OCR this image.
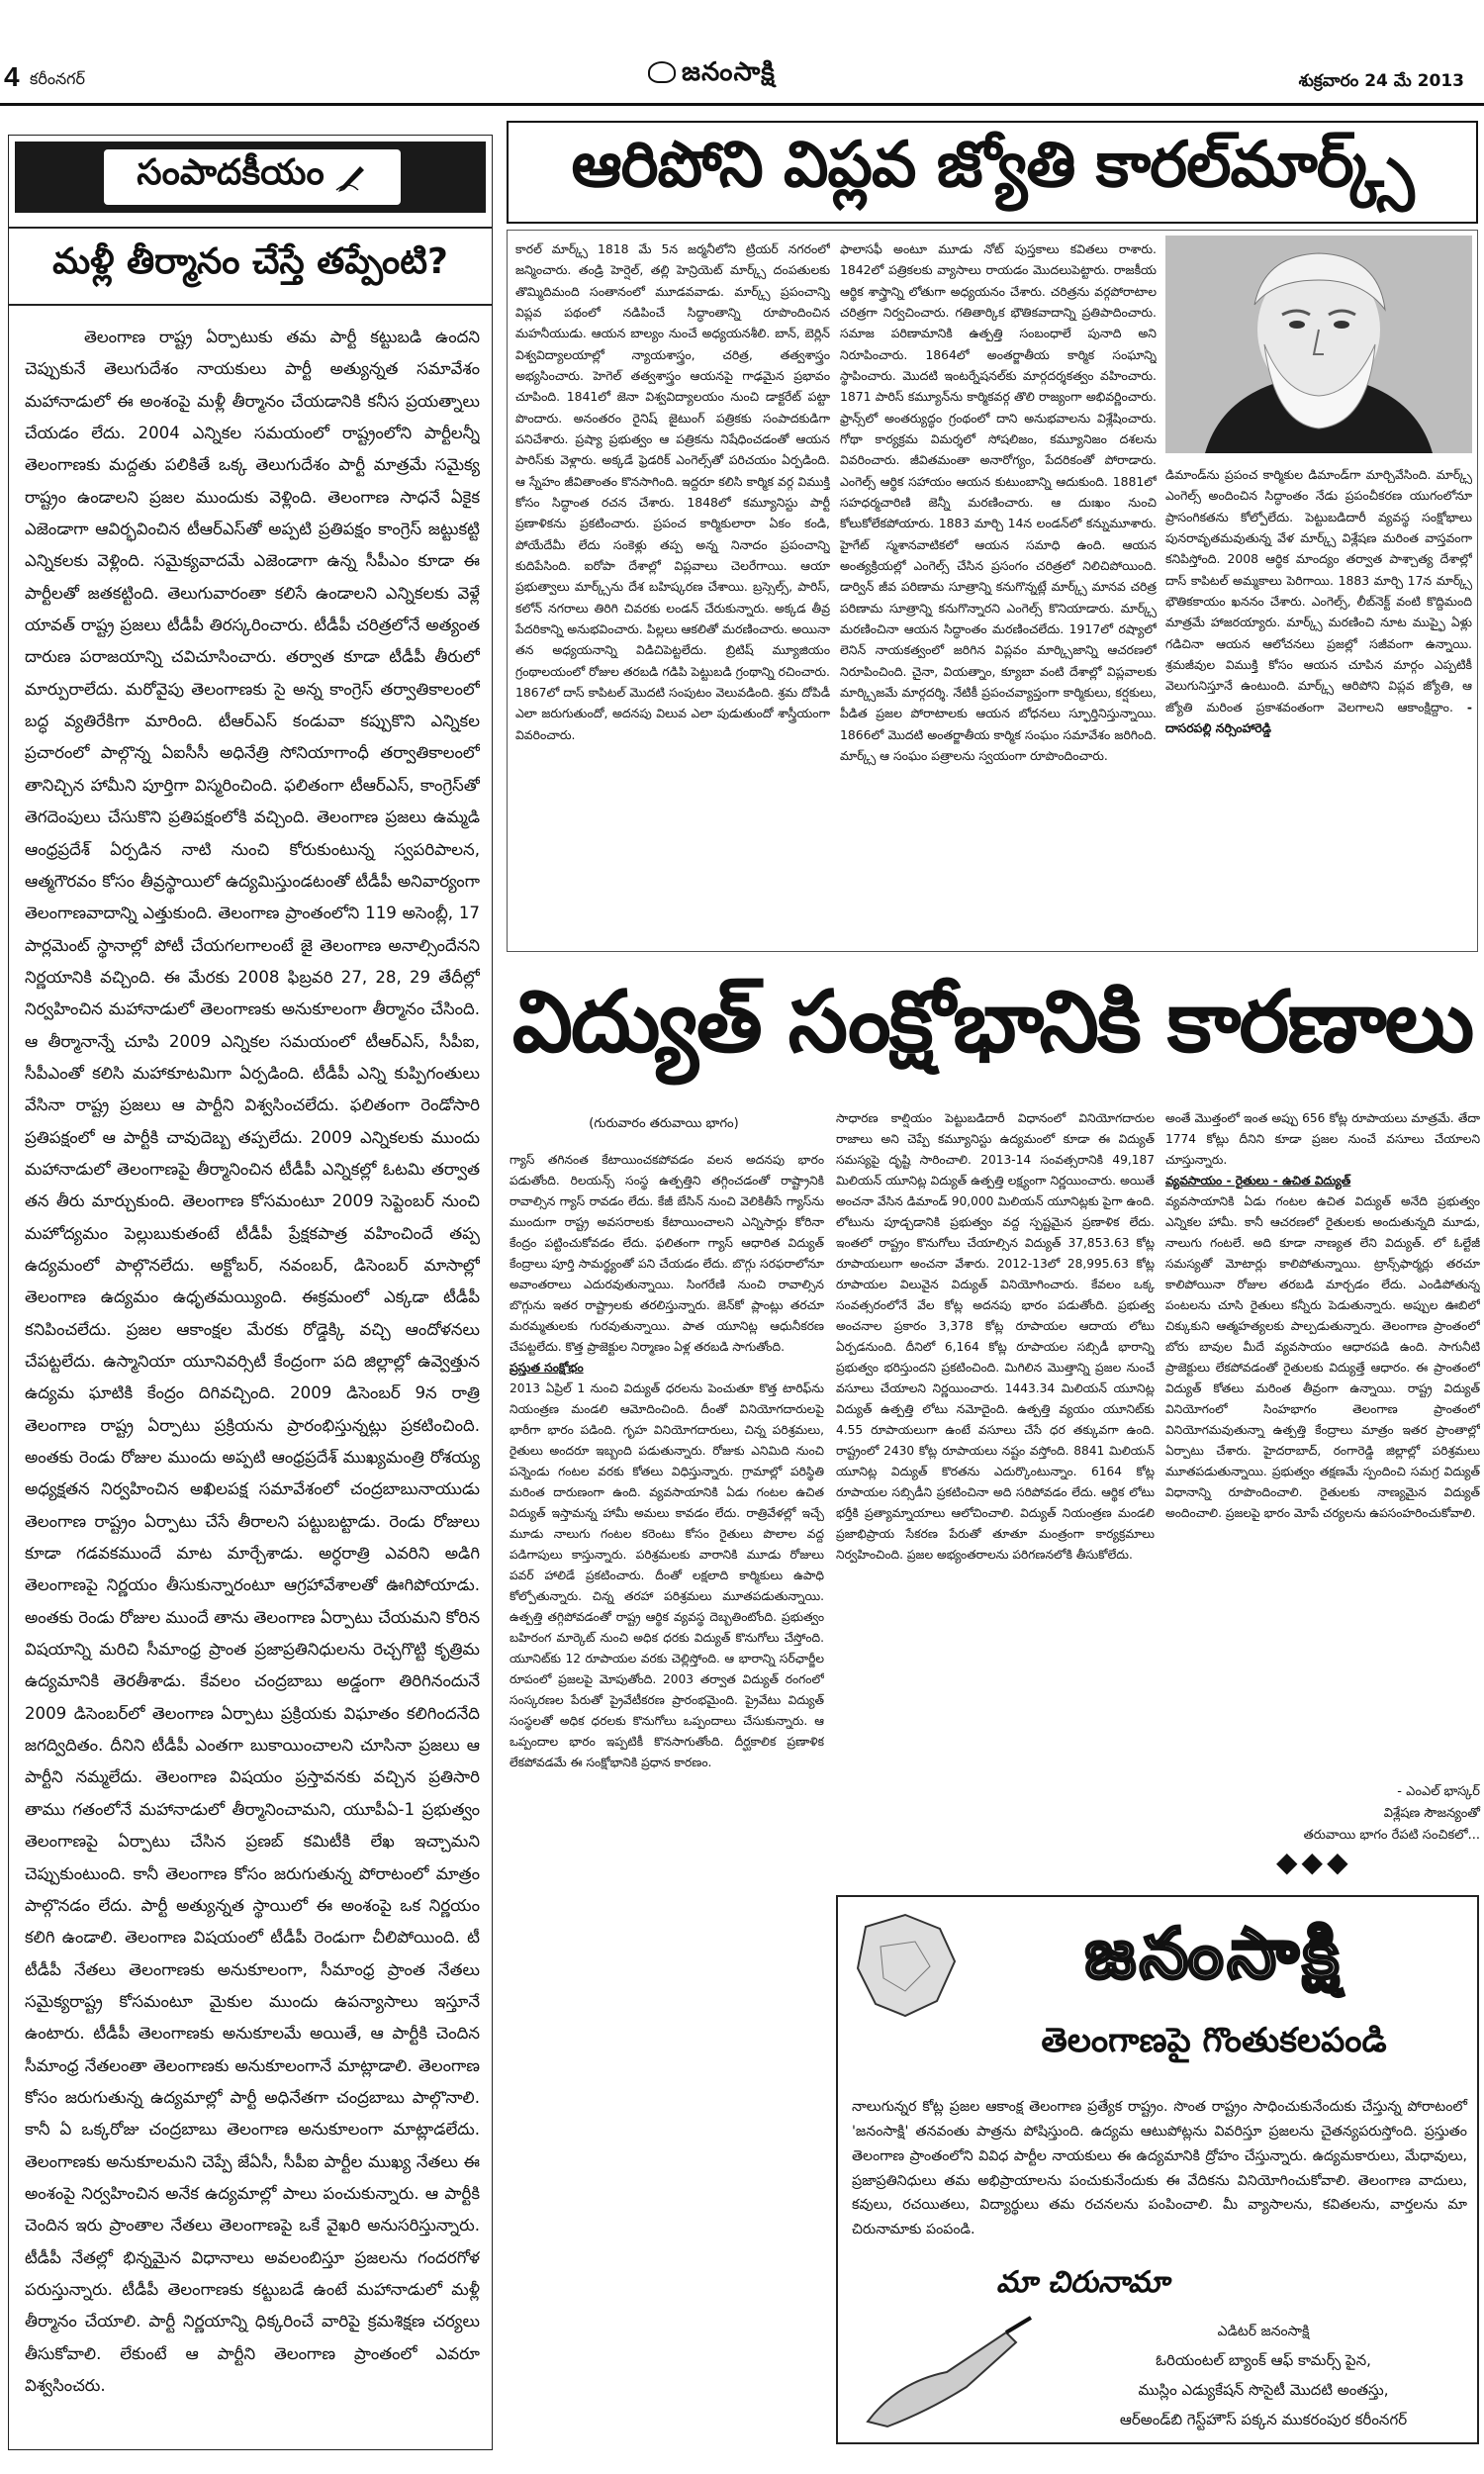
4 కరీంనగర్	జనంసాక్షి	శుక్రవారం 24 మే 2013
సంపాదకీయం
మళ్లీ తీర్మానం చేస్తే తప్పేంటి?

తెలంగాణ రాష్ట్ర ఏర్పాటుకు తమ పార్టీ కట్టుబడి ఉందని చెప్పుకునే తెలుగుదేశం నాయకులు పార్టీ అత్యున్నత సమావేశం మహానాడులో ఈ అంశంపై మళ్లీ తీర్మానం చేయడానికి కనీస ప్రయత్నాలు చేయడం లేదు. 2004 ఎన్నికల సమయంలో రాష్ట్రంలోని పార్టీలన్నీ తెలంగాణకు మద్దతు పలికితే ఒక్క తెలుగుదేశం పార్టీ మాత్రమే సమైక్య రాష్ట్రం ఉండాలని ప్రజల ముందుకు వెళ్లింది. తెలంగాణ సాధనే ఏకైక ఎజెండాగా ఆవిర్భవించిన టీఆర్‌ఎస్‌తో అప్పటి ప్రతిపక్షం కాంగ్రెస్ జట్టుకట్టి ఎన్నికలకు వెళ్లింది. సమైక్యవాదమే ఎజెండాగా ఉన్న సీపీఎం కూడా ఈ పార్టీలతో జతకట్టింది. తెలుగువారంతా కలిసే ఉండాలని ఎన్నికలకు వెళ్లే యావత్ రాష్ట్ర ప్రజలు టీడీపీ తిరస్కరించారు. టీడీపీ చరిత్రలోనే అత్యంత దారుణ పరాజయాన్ని చవిచూసించారు. తర్వాత కూడా టీడీపీ తీరులో మార్పురాలేదు. మరోవైపు తెలంగాణకు సై అన్న కాంగ్రెస్ తర్వాతికాలంలో బద్ధ వ్యతిరేకిగా మారింది. టీఆర్‌ఎస్ కండువా కప్పుకొని ఎన్నికల ప్రచారంలో పాల్గొన్న ఏఐసీసీ అధినేత్రి సోనియాగాంధీ తర్వాతికాలంలో తానిచ్చిన హామీని పూర్తిగా విస్మరించింది. ఫలితంగా టీఆర్‌ఎస్, కాంగ్రెస్‌తో తెగదెంపులు చేసుకొని ప్రతిపక్షంలోకి వచ్చింది. తెలంగాణ ప్రజలు ఉమ్మడి ఆంధ్రప్రదేశ్ ఏర్పడిన నాటి నుంచి కోరుకుంటున్న స్వపరిపాలన, ఆత్మగౌరవం కోసం తీవ్రస్థాయిలో ఉద్యమిస్తుండటంతో టీడీపీ అనివార్యంగా తెలంగాణవాదాన్ని ఎత్తుకుంది. తెలంగాణ ప్రాంతంలోని 119 అసెంబ్లీ, 17 పార్లమెంట్ స్థానాల్లో పోటీ చేయగలగాలంటే జై తెలంగాణ అనాల్సిందేనని నిర్ణయానికి వచ్చింది. ఈ మేరకు 2008 ఫిబ్రవరి 27, 28, 29 తేదీల్లో నిర్వహించిన మహానాడులో తెలంగాణకు అనుకూలంగా తీర్మానం చేసింది. ఆ తీర్మానాన్నే చూపి 2009 ఎన్నికల సమయంలో టీఆర్‌ఎస్, సీపీఐ, సీపీఎంతో కలిసి మహాకూటమిగా ఏర్పడింది. టీడీపీ ఎన్ని కుప్పిగంతులు వేసినా రాష్ట్ర ప్రజలు ఆ పార్టీని విశ్వసించలేదు. ఫలితంగా రెండోసారి ప్రతిపక్షంలో ఆ పార్టీకి చావుదెబ్బ తప్పలేదు. 2009 ఎన్నికలకు ముందు మహానాడులో తెలంగాణపై తీర్మానించిన టీడీపీ ఎన్నికల్లో ఓటమి తర్వాత తన తీరు మార్చుకుంది. తెలంగాణ కోసమంటూ 2009 సెప్టెంబర్ నుంచి మహోద్యమం పెల్లుబుకుతంటే టీడీపీ ప్రేక్షకపాత్ర వహించిందే తప్ప ఉద్యమంలో పాల్గొనలేదు. అక్టోబర్, నవంబర్, డిసెంబర్ మాసాల్లో తెలంగాణ ఉద్యమం ఉధృతమయ్యింది. ఈక్రమంలో ఎక్కడా టీడీపీ కనిపించలేదు. ప్రజల ఆకాంక్షల మేరకు రోడ్డెక్కి వచ్చి ఆందోళనలు చేపట్టలేదు. ఉస్మానియా యూనివర్సిటీ కేంద్రంగా పది జిల్లాల్లో ఉవ్వెత్తున ఉద్యమ ఘాటికి కేంద్రం దిగివచ్చింది. 2009 డిసెంబర్ 9న రాత్రి తెలంగాణ రాష్ట్ర ఏర్పాటు ప్రక్రియను ప్రారంభిస్తున్నట్లు ప్రకటించింది. అంతకు రెండు రోజుల ముందు అప్పటి ఆంధ్రప్రదేశ్ ముఖ్యమంత్రి రోశయ్య అధ్యక్షతన నిర్వహించిన అఖిలపక్ష సమావేశంలో చంద్రబాబునాయుడు తెలంగాణ రాష్ట్రం ఏర్పాటు చేసే తీరాలని పట్టుబట్టాడు. రెండు రోజులు కూడా గడవకముందే మాట మార్చేశాడు. అర్ధరాత్రి ఎవరిని అడిగి తెలంగాణపై నిర్ణయం తీసుకున్నారంటూ ఆగ్రహావేశాలతో ఊగిపోయాడు. అంతకు రెండు రోజుల ముందే తాను తెలంగాణ ఏర్పాటు చేయమని కోరిన విషయాన్ని మరిచి సీమాంధ్ర ప్రాంత ప్రజాప్రతినిధులను రెచ్చగొట్టి కృత్రిమ ఉద్యమానికి తెరతీశాడు. కేవలం చంద్రబాబు అడ్డంగా తిరిగినందునే 2009 డిసెంబర్‌లో తెలంగాణ ఏర్పాటు ప్రక్రియకు విఘాతం కలిగిందనేది జగద్విదితం. దీనిని టీడీపీ ఎంతగా బుకాయించాలని చూసినా ప్రజలు ఆ పార్టీని నమ్మలేదు. తెలంగాణ విషయం ప్రస్తావనకు వచ్చిన ప్రతిసారి తాము గతంలోనే మహానాడులో తీర్మానించామని, యూపీఏ-1 ప్రభుత్వం తెలంగాణపై ఏర్పాటు చేసిన ప్రణబ్ కమిటీకి లేఖ ఇచ్చామని చెప్పుకుంటుంది. కానీ తెలంగాణ కోసం జరుగుతున్న పోరాటంలో మాత్రం పాల్గొనడం లేదు. పార్టీ అత్యున్నత స్థాయిలో ఈ అంశంపై ఒక నిర్ణయం కలిగి ఉండాలి. తెలంగాణ విషయంలో టీడీపీ రెండుగా చీలిపోయింది. టీ టీడీపీ నేతలు తెలంగాణకు అనుకూలంగా, సీమాంధ్ర ప్రాంత నేతలు సమైక్యరాష్ట్ర కోసమంటూ మైకుల ముందు ఉపన్యాసాలు ఇస్తూనే ఉంటారు. టీడీపీ తెలంగాణకు అనుకూలమే అయితే, ఆ పార్టీకి చెందిన సీమాంధ్ర నేతలంతా తెలంగాణకు అనుకూలంగానే మాట్లాడాలి. తెలంగాణ కోసం జరుగుతున్న ఉద్యమాల్లో పార్టీ అధినేతగా చంద్రబాబు పాల్గొనాలి. కానీ ఏ ఒక్కరోజు చంద్రబాబు తెలంగాణ అనుకూలంగా మాట్లాడలేదు. తెలంగాణకు అనుకూలమని చెప్పే జేఏసీ, సీపీఐ పార్టీల ముఖ్య నేతలు ఈ అంశంపై నిర్వహించిన అనేక ఉద్యమాల్లో పాలు పంచుకున్నారు. ఆ పార్టీకి చెందిన ఇరు ప్రాంతాల నేతలు తెలంగాణపై ఒకే వైఖరి అనుసరిస్తున్నారు. టీడీపీ నేతల్లో భిన్నమైన విధానాలు అవలంబిస్తూ ప్రజలను గందరగోళ పరుస్తున్నారు. టీడీపీ తెలంగాణకు కట్టుబడే ఉంటే మహానాడులో మళ్లీ తీర్మానం చేయాలి. పార్టీ నిర్ణయాన్ని ధిక్కరించే వారిపై క్రమశిక్షణ చర్యలు తీసుకోవాలి. లేకుంటే ఆ పార్టీని తెలంగాణ ప్రాంతంలో ఎవరూ విశ్వసించరు.

ఆరిపోని విప్లవ జ్యోతి కారల్‌మార్క్స్
కారల్ మార్క్స్ 1818 మే 5న జర్మనీలోని ట్రియర్ నగరంలో జన్మించారు. తండ్రి హెర్షెల్, తల్లి హెన్రియెట్ మార్క్స్ దంపతులకు తొమ్మిదిమంది సంతానంలో మూడవవాడు. మార్క్స్ ప్రపంచాన్ని విప్లవ పథంలో నడిపించే సిద్ధాంతాన్ని రూపొందించిన మహనీయుడు. ఆయన బాల్యం నుంచే అధ్యయనశీలి. బాన్, బెర్లిన్ విశ్వవిద్యాలయాల్లో న్యాయశాస్త్రం, చరిత్ర, తత్వశాస్త్రం అభ్యసించారు. హెగెల్ తత్వశాస్త్రం ఆయనపై గాఢమైన ప్రభావం చూపింది. 1841లో జెనా విశ్వవిద్యాలయం నుంచి డాక్టరేట్ పట్టా పొందారు. అనంతరం రైనిష్ జైటుంగ్ పత్రికకు సంపాదకుడిగా పనిచేశారు. ప్రష్యా ప్రభుత్వం ఆ పత్రికను నిషేధించడంతో ఆయన పారిస్‌కు వెళ్లారు. అక్కడే ఫ్రెడరిక్ ఎంగెల్స్‌తో పరిచయం ఏర్పడింది. ఆ స్నేహం జీవితాంతం కొనసాగింది. ఇద్దరూ కలిసి కార్మిక వర్గ విముక్తి కోసం సిద్ధాంత రచన చేశారు. 1848లో కమ్యూనిస్టు పార్టీ ప్రణాళికను ప్రకటించారు. ప్రపంచ కార్మికులారా ఏకం కండి, పోయేదేమీ లేదు సంకెళ్లు తప్ప అన్న నినాదం ప్రపంచాన్ని కుదిపేసింది. ఐరోపా దేశాల్లో విప్లవాలు చెలరేగాయి. ఆయా ప్రభుత్వాలు మార్క్స్‌ను దేశ బహిష్కరణ చేశాయి. బ్రస్సెల్స్, పారిస్, కలోన్ నగరాలు తిరిగి చివరకు లండన్ చేరుకున్నారు. అక్కడ తీవ్ర పేదరికాన్ని అనుభవించారు. పిల్లలు ఆకలితో మరణించారు. అయినా తన అధ్యయనాన్ని విడిచిపెట్టలేదు. బ్రిటిష్ మ్యూజియం గ్రంథాలయంలో రోజుల తరబడి గడిపి పెట్టుబడి గ్రంథాన్ని రచించారు. 1867లో దాస్ కాపిటల్ మొదటి సంపుటం వెలువడింది. శ్రమ దోపిడీ ఎలా జరుగుతుందో, అదనపు విలువ ఎలా పుడుతుందో శాస్త్రీయంగా వివరించారు.
ఫాలాసఫీ అంటూ మూడు నోట్ పుస్తకాలు కవితలు రాశారు. 1842లో పత్రికలకు వ్యాసాలు రాయడం మొదలుపెట్టారు. రాజకీయ ఆర్థిక శాస్త్రాన్ని లోతుగా అధ్యయనం చేశారు. చరిత్రను వర్గపోరాటాల చరిత్రగా నిర్వచించారు. గతితార్కిక భౌతికవాదాన్ని ప్రతిపాదించారు. సమాజ పరిణామానికి ఉత్పత్తి సంబంధాలే పునాది అని నిరూపించారు. 1864లో అంతర్జాతీయ కార్మిక సంఘాన్ని స్థాపించారు. మొదటి ఇంటర్నేషనల్‌కు మార్గదర్శకత్వం వహించారు. 1871 పారిస్ కమ్యూన్‌ను కార్మికవర్గ తొలి రాజ్యంగా అభివర్ణించారు. ఫ్రాన్స్‌లో అంతర్యుద్ధం గ్రంథంలో దాని అనుభవాలను విశ్లేషించారు. గోథా కార్యక్రమ విమర్శలో సోషలిజం, కమ్యూనిజం దశలను వివరించారు. జీవితమంతా అనారోగ్యం, పేదరికంతో పోరాడారు. ఎంగెల్స్ ఆర్థిక సహాయం ఆయన కుటుంబాన్ని ఆదుకుంది. 1881లో సహధర్మచారిణి జెన్నీ మరణించారు. ఆ దుఃఖం నుంచి కోలుకోలేకపోయారు. 1883 మార్చి 14న లండన్‌లో కన్నుమూశారు. హైగేట్ స్మశానవాటికలో ఆయన సమాధి ఉంది. ఆయన అంత్యక్రియల్లో ఎంగెల్స్ చేసిన ప్రసంగం చరిత్రలో నిలిచిపోయింది. డార్విన్ జీవ పరిణామ సూత్రాన్ని కనుగొన్నట్లే మార్క్స్ మానవ చరిత్ర పరిణామ సూత్రాన్ని కనుగొన్నారని ఎంగెల్స్ కొనియాడారు. మార్క్స్ మరణించినా ఆయన సిద్ధాంతం మరణించలేదు. 1917లో రష్యాలో లెనిన్ నాయకత్వంలో జరిగిన విప్లవం మార్క్సిజాన్ని ఆచరణలో నిరూపించింది. చైనా, వియత్నాం, క్యూబా వంటి దేశాల్లో విప్లవాలకు మార్క్సిజమే మార్గదర్శి. నేటికీ ప్రపంచవ్యాప్తంగా కార్మికులు, కర్షకులు, పీడిత ప్రజల పోరాటాలకు ఆయన బోధనలు స్ఫూర్తినిస్తున్నాయి. 1866లో మొదటి అంతర్జాతీయ కార్మిక సంఘం సమావేశం జరిగింది. మార్క్స్ ఆ సంఘం పత్రాలను స్వయంగా రూపొందించారు.
డిమాండ్‌ను ప్రపంచ కార్మికుల డిమాండ్‌గా మార్చివేసింది. మార్క్స్ ఎంగెల్స్ అందించిన సిద్ధాంతం నేడు ప్రపంచీకరణ యుగంలోనూ ప్రాసంగికతను కోల్పోలేదు. పెట్టుబడిదారీ వ్యవస్థ సంక్షోభాలు పునరావృతమవుతున్న వేళ మార్క్స్ విశ్లేషణ మరింత వాస్తవంగా కనిపిస్తోంది. 2008 ఆర్థిక మాంద్యం తర్వాత పాశ్చాత్య దేశాల్లో దాస్ కాపిటల్ అమ్మకాలు పెరిగాయి. 1883 మార్చి 17న మార్క్స్ భౌతికకాయం ఖననం చేశారు. ఎంగెల్స్, లీబ్‌నెక్ట్ వంటి కొద్దిమంది మాత్రమే హాజరయ్యారు. మార్క్స్ మరణించి నూట ముప్ఫై ఏళ్లు గడిచినా ఆయన ఆలోచనలు ప్రజల్లో సజీవంగా ఉన్నాయి. శ్రమజీవుల విముక్తి కోసం ఆయన చూపిన మార్గం ఎప్పటికీ వెలుగునిస్తూనే ఉంటుంది. మార్క్స్ ఆరిపోని విప్లవ జ్యోతి, ఆ జ్యోతి మరింత ప్రకాశవంతంగా వెలగాలని ఆకాంక్షిద్దాం. - దాసరపల్లి నర్సింహారెడ్డి
విద్యుత్ సంక్షోభానికి కారణాలు
(గురువారం తరువాయి భాగం)
గ్యాస్ తగినంత కేటాయించకపోవడం వలన అదనపు భారం పడుతోంది. రిలయన్స్ సంస్థ ఉత్పత్తిని తగ్గించడంతో రాష్ట్రానికి రావాల్సిన గ్యాస్ రావడం లేదు. కేజీ బేసిన్ నుంచి వెలికితీసే గ్యాస్‌ను ముందుగా రాష్ట్ర అవసరాలకు కేటాయించాలని ఎన్నిసార్లు కోరినా కేంద్రం పట్టించుకోవడం లేదు. ఫలితంగా గ్యాస్ ఆధారిత విద్యుత్ కేంద్రాలు పూర్తి సామర్థ్యంతో పని చేయడం లేదు. బొగ్గు సరఫరాలోనూ అవాంతరాలు ఎదురవుతున్నాయి. సింగరేణి నుంచి రావాల్సిన బొగ్గును ఇతర రాష్ట్రాలకు తరలిస్తున్నారు. జెన్‌కో ప్లాంట్లు తరచూ మరమ్మతులకు గురవుతున్నాయి. పాత యూనిట్ల ఆధునీకరణ చేపట్టలేదు. కొత్త ప్రాజెక్టుల నిర్మాణం ఏళ్ల తరబడి సాగుతోంది.
ప్రస్తుత సంక్షోభం
2013 ఏప్రిల్ 1 నుంచి విద్యుత్ ధరలను పెంచుతూ కొత్త టారిఫ్‌ను నియంత్రణ మండలి ఆమోదించింది. దీంతో వినియోగదారులపై భారీగా భారం పడింది. గృహ వినియోగదారులు, చిన్న పరిశ్రమలు, రైతులు అందరూ ఇబ్బంది పడుతున్నారు. రోజుకు ఎనిమిది నుంచి పన్నెండు గంటల వరకు కోతలు విధిస్తున్నారు. గ్రామాల్లో పరిస్థితి మరింత దారుణంగా ఉంది. వ్యవసాయానికి ఏడు గంటల ఉచిత విద్యుత్ ఇస్తామన్న హామీ అమలు కావడం లేదు. రాత్రివేళల్లో ఇచ్చే మూడు నాలుగు గంటల కరెంటు కోసం రైతులు పొలాల వద్ద పడిగాపులు కాస్తున్నారు. పరిశ్రమలకు వారానికి మూడు రోజులు పవర్ హాలిడే ప్రకటించారు. దీంతో లక్షలాది కార్మికులు ఉపాధి కోల్పోతున్నారు. చిన్న తరహా పరిశ్రమలు మూతపడుతున్నాయి. ఉత్పత్తి తగ్గిపోవడంతో రాష్ట్ర ఆర్థిక వ్యవస్థ దెబ్బతింటోంది. ప్రభుత్వం బహిరంగ మార్కెట్ నుంచి అధిక ధరకు విద్యుత్ కొనుగోలు చేస్తోంది. యూనిట్‌కు 12 రూపాయల వరకు చెల్లిస్తోంది. ఆ భారాన్ని సర్‌ఛార్జీల రూపంలో ప్రజలపై మోపుతోంది. 2003 తర్వాత విద్యుత్ రంగంలో సంస్కరణల పేరుతో ప్రైవేటీకరణ ప్రారంభమైంది. ప్రైవేటు విద్యుత్ సంస్థలతో అధిక ధరలకు కొనుగోలు ఒప్పందాలు చేసుకున్నారు. ఆ ఒప్పందాల భారం ఇప్పటికీ కొనసాగుతోంది. దీర్ఘకాలిక ప్రణాళిక లేకపోవడమే ఈ సంక్షోభానికి ప్రధాన కారణం.
సాధారణ కాల్షియం పెట్టుబడిదారీ విధానంలో వినియోగదారుల రాజాలు అని చెప్పే కమ్యూనిస్టు ఉద్యమంలో కూడా ఈ విద్యుత్ సమస్యపై దృష్టి సారించాలి. 2013-14 సంవత్సరానికి 49,187 మిలియన్ యూనిట్ల విద్యుత్ ఉత్పత్తి లక్ష్యంగా నిర్ణయించారు. అయితే అంచనా వేసిన డిమాండ్ 90,000 మిలియన్ యూనిట్లకు పైగా ఉంది. లోటును పూడ్చడానికి ప్రభుత్వం వద్ద స్పష్టమైన ప్రణాళిక లేదు. ఇంతలో రాష్ట్రం కొనుగోలు చేయాల్సిన విద్యుత్ 37,853.63 కోట్ల రూపాయలుగా అంచనా వేశారు. 2012-13లో 28,995.63 కోట్ల రూపాయల విలువైన విద్యుత్ వినియోగించారు. కేవలం ఒక్క సంవత్సరంలోనే వేల కోట్ల అదనపు భారం పడుతోంది. ప్రభుత్వ అంచనాల ప్రకారం 3,378 కోట్ల రూపాయల ఆదాయ లోటు ఏర్పడనుంది. దీనిలో 6,164 కోట్ల రూపాయల సబ్సిడీ భారాన్ని ప్రభుత్వం భరిస్తుందని ప్రకటించింది. మిగిలిన మొత్తాన్ని ప్రజల నుంచే వసూలు చేయాలని నిర్ణయించారు. 1443.34 మిలియన్ యూనిట్ల విద్యుత్ ఉత్పత్తి లోటు నమోదైంది. ఉత్పత్తి వ్యయం యూనిట్‌కు 4.55 రూపాయలుగా ఉంటే వసూలు చేసే ధర తక్కువగా ఉంది. రాష్ట్రంలో 2430 కోట్ల రూపాయలు నష్టం వస్తోంది. 8841 మిలియన్ యూనిట్ల విద్యుత్ కొరతను ఎదుర్కొంటున్నాం. 6164 కోట్ల రూపాయల సబ్సిడీని ప్రకటించినా అది సరిపోవడం లేదు. ఆర్థిక లోటు భర్తీకి ప్రత్యామ్నాయాలు ఆలోచించాలి. విద్యుత్ నియంత్రణ మండలి ప్రజాభిప్రాయ సేకరణ పేరుతో తూతూ మంత్రంగా కార్యక్రమాలు నిర్వహించింది. ప్రజల అభ్యంతరాలను పరిగణనలోకి తీసుకోలేదు.
అంతే మొత్తంలో ఇంత అప్పు 656 కోట్ల రూపాయలు మాత్రమే. తేదా 1774 కోట్లు దీనిని కూడా ప్రజల నుంచే వసూలు చేయాలని చూస్తున్నారు.
వ్యవసాయం - రైతులు - ఉచిత విద్యుత్
వ్యవసాయానికి ఏడు గంటల ఉచిత విద్యుత్ అనేది ప్రభుత్వం ఎన్నికల హామీ. కానీ ఆచరణలో రైతులకు అందుతున్నది మూడు, నాలుగు గంటలే. అది కూడా నాణ్యత లేని విద్యుత్. లో ఓల్టేజీ సమస్యతో మోటార్లు కాలిపోతున్నాయి. ట్రాన్స్‌ఫార్మర్లు తరచూ కాలిపోయినా రోజుల తరబడి మార్చడం లేదు. ఎండిపోతున్న పంటలను చూసి రైతులు కన్నీరు పెడుతున్నారు. అప్పుల ఊబిలో చిక్కుకుని ఆత్మహత్యలకు పాల్పడుతున్నారు. తెలంగాణ ప్రాంతంలో బోరు బావుల మీదే వ్యవసాయం ఆధారపడి ఉంది. సాగునీటి ప్రాజెక్టులు లేకపోవడంతో రైతులకు విద్యుత్తే ఆధారం. ఈ ప్రాంతంలో విద్యుత్ కోతలు మరింత తీవ్రంగా ఉన్నాయి. రాష్ట్ర విద్యుత్ వినియోగంలో సింహభాగం తెలంగాణ ప్రాంతంలో వినియోగమవుతున్నా ఉత్పత్తి కేంద్రాలు మాత్రం ఇతర ప్రాంతాల్లో ఏర్పాటు చేశారు. హైదరాబాద్, రంగారెడ్డి జిల్లాల్లో పరిశ్రమలు మూతపడుతున్నాయి. ప్రభుత్వం తక్షణమే స్పందించి సమగ్ర విద్యుత్ విధానాన్ని రూపొందించాలి. రైతులకు నాణ్యమైన విద్యుత్ అందించాలి. ప్రజలపై భారం మోపే చర్యలను ఉపసంహరించుకోవాలి.
- ఎంఎల్ భాస్కర్
విశ్లేషణ సౌజన్యంతో
తరువాయి భాగం రేపటి సంచికలో...
◆◆◆
జనంసాక్షి
తెలంగాణపై గొంతుకలపండి
నాలుగున్నర కోట్ల ప్రజల ఆకాంక్ష తెలంగాణ ప్రత్యేక రాష్ట్రం. సొంత రాష్ట్రం సాధించుకునేందుకు చేస్తున్న పోరాటంలో 'జనంసాక్షి' తనవంతు పాత్రను పోషిస్తుంది. ఉద్యమ ఆటుపోట్లను వివరిస్తూ ప్రజలను చైతన్యపరుస్తోంది. ప్రస్తుతం తెలంగాణ ప్రాంతంలోని వివిధ పార్టీల నాయకులు ఈ ఉద్యమానికి ద్రోహం చేస్తున్నారు. ఉద్యమకారులు, మేధావులు, ప్రజాప్రతినిధులు తమ అభిప్రాయాలను పంచుకునేందుకు ఈ వేదికను వినియోగించుకోవాలి. తెలంగాణ వాదులు, కవులు, రచయితలు, విద్యార్థులు తమ రచనలను పంపించాలి. మీ వ్యాసాలను, కవితలను, వార్తలను మా చిరునామాకు పంపండి.
మా చిరునామా
ఎడిటర్ జనంసాక్షి
ఓరియంటల్ బ్యాంక్ ఆఫ్ కామర్స్ పైన,
ముస్లిం ఎడ్యుకేషన్ సొసైటీ మొదటి అంతస్తు,
ఆర్‌అండ్‌బి గెస్ట్‌హౌస్ పక్కన ముకరంపుర కరీంనగర్
